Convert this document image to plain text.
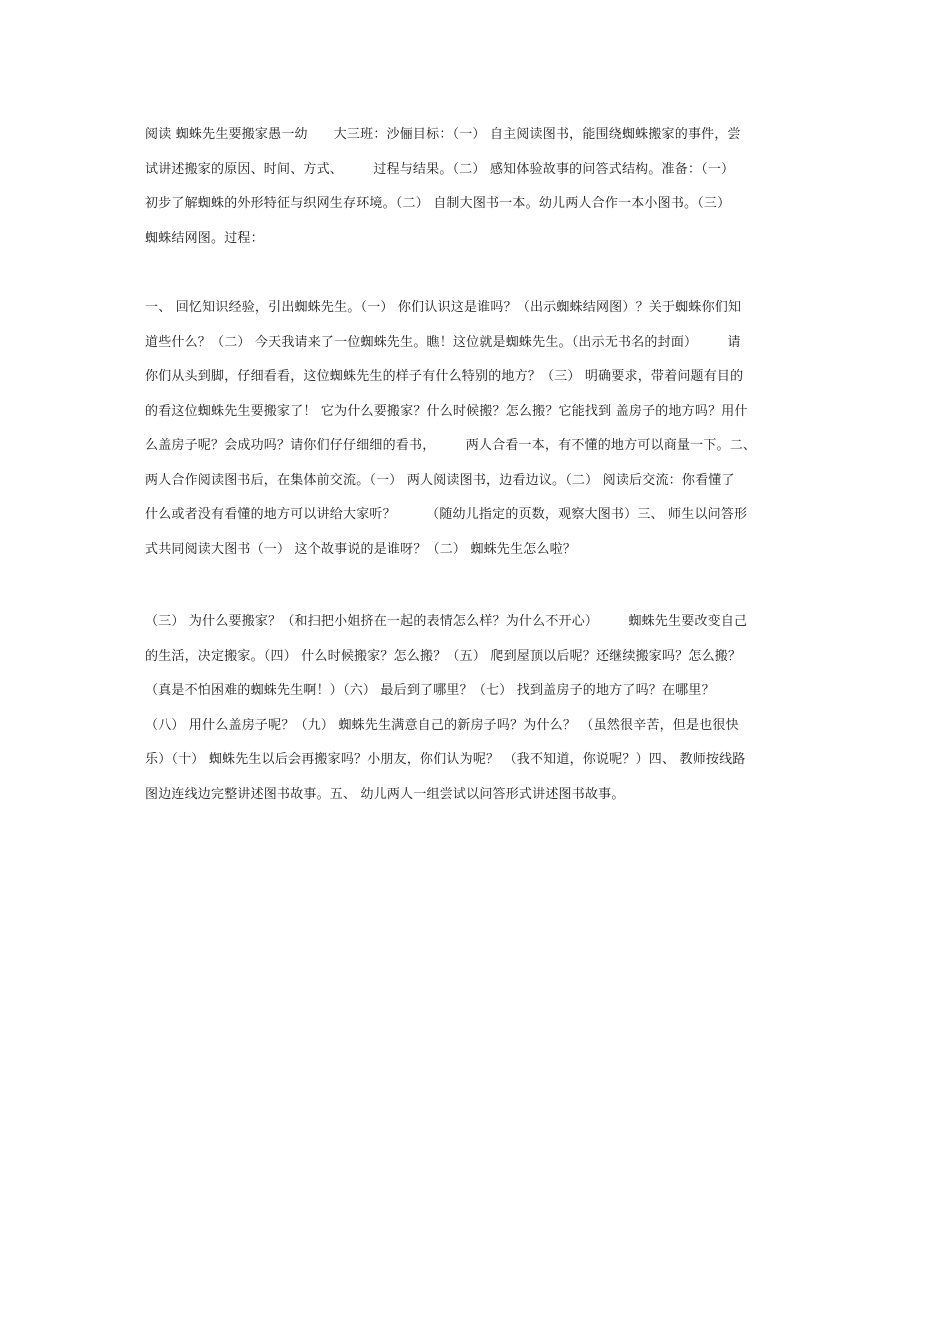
阅读 蜘蛛先生要搬家愚一幼      大三班：沙俪目标：（一） 自主阅读图书，能围绕蜘蛛搬家的事件，尝
试讲述搬家的原因、时间、方式、       过程与结果。（二） 感知体验故事的问答式结构。准备：（一）
初步了解蜘蛛的外形特征与织网生存环境。（二） 自制大图书一本。幼儿两人合作一本小图书。（三）
蜘蛛结网图。过程：
一、 回忆知识经验，引出蜘蛛先生。（一） 你们认识这是谁吗？（出示蜘蛛结网图）？关于蜘蛛你们知
道些什么？（二） 今天我请来了一位蜘蛛先生。瞧！这位就是蜘蛛先生。（出示无书名的封面）       请
你们从头到脚，仔细看看，这位蜘蛛先生的样子有什么特别的地方？（三） 明确要求，带着问题有目的
的看这位蜘蛛先生要搬家了！ 它为什么要搬家？什么时候搬？怎么搬？它能找到 盖房子的地方吗？用什
么盖房子呢？会成功吗？请你们仔仔细细的看书，       两人合看一本，有不懂的地方可以商量一下。二、
两人合作阅读图书后，在集体前交流。（一） 两人阅读图书，边看边议。（二） 阅读后交流：你看懂了
什么或者没有看懂的地方可以讲给大家听？       （随幼儿指定的页数，观察大图书）三、 师生以问答形
式共同阅读大图书（一） 这个故事说的是谁呀？（二） 蜘蛛先生怎么啦？
（三） 为什么要搬家？（和扫把小姐挤在一起的表情怎么样？为什么不开心）       蜘蛛先生要改变自己
的生活，决定搬家。（四） 什么时候搬家？怎么搬？（五） 爬到屋顶以后呢？还继续搬家吗？怎么搬？
（真是不怕困难的蜘蛛先生啊！）（六） 最后到了哪里？（七） 找到盖房子的地方了吗？在哪里？
（八） 用什么盖房子呢？（九） 蜘蛛先生满意自己的新房子吗？为什么？ （虽然很辛苦，但是也很快
乐）（十） 蜘蛛先生以后会再搬家吗？小朋友，你们认为呢？ （我不知道，你说呢？）四、 教师按线路
图边连线边完整讲述图书故事。五、 幼儿两人一组尝试以问答形式讲述图书故事。
